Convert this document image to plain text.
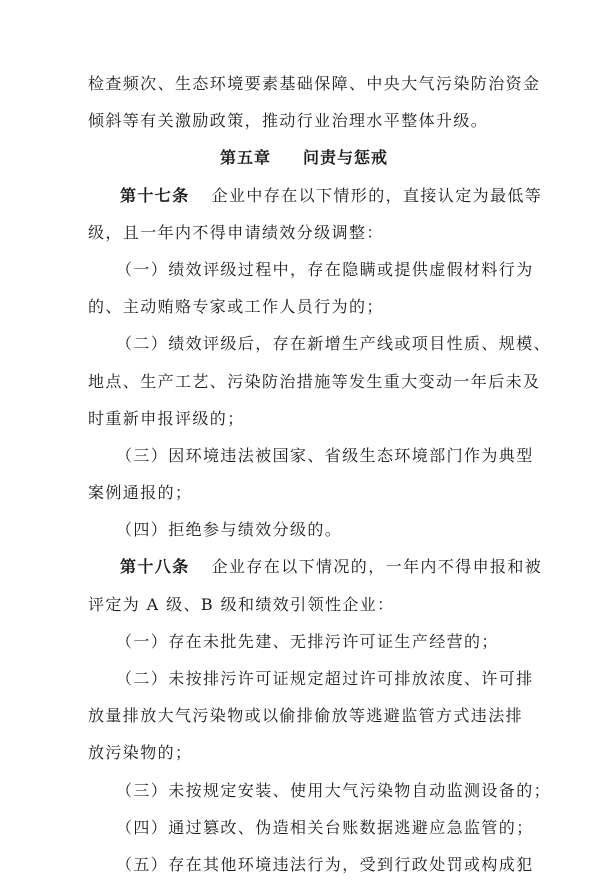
检查频次、生态环境要素基础保障、中央大气污染防治资金
倾斜等有关激励政策，推动行业治理水平整体升级。
第五章 问责与惩戒
第十七条 企业中存在以下情形的，直接认定为最低等
级，且一年内不得申请绩效分级调整：
（一）绩效评级过程中，存在隐瞒或提供虚假材料行为
的、主动贿赂专家或工作人员行为的；
（二）绩效评级后，存在新增生产线或项目性质、规模、
地点、生产工艺、污染防治措施等发生重大变动一年后未及
时重新申报评级的；
（三）因环境违法被国家、省级生态环境部门作为典型
案例通报的；
（四）拒绝参与绩效分级的。
第十八条 企业存在以下情况的，一年内不得申报和被
评定为 A 级、B 级和绩效引领性企业：
（一）存在未批先建、无排污许可证生产经营的；
（二）未按排污许可证规定超过许可排放浓度、许可排
放量排放大气污染物或以偷排偷放等逃避监管方式违法排
放污染物的；
（三）未按规定安装、使用大气污染物自动监测设备的；
（四）通过篡改、伪造相关台账数据逃避应急监管的；
（五）存在其他环境违法行为，受到行政处罚或构成犯
